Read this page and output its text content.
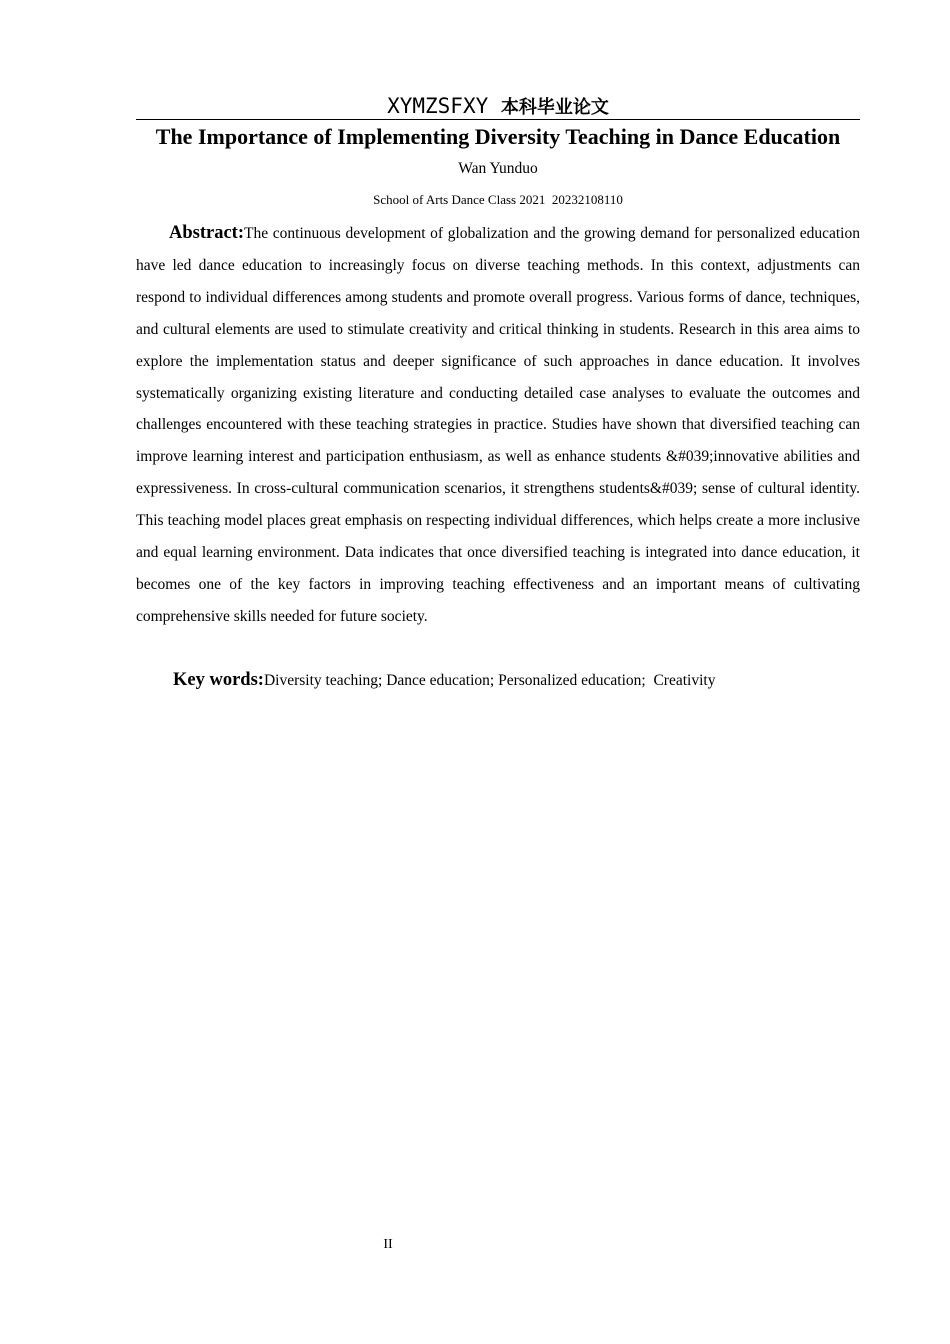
XYMZSFXY 本科毕业论文
The Importance of Implementing Diversity Teaching in Dance Education
Wan Yunduo
School of Arts Dance Class 2021  20232108110

Abstract:The continuous development of globalization and the growing demand for personalized education have led dance education to increasingly focus on diverse teaching methods. In this context, adjustments can respond to individual differences among students and promote overall progress. Various forms of dance, techniques, and cultural elements are used to stimulate creativity and critical thinking in students. Research in this area aims to explore the implementation status and deeper significance of such approaches in dance education. It involves systematically organizing existing literature and conducting detailed case analyses to evaluate the outcomes and challenges encountered with these teaching strategies in practice. Studies have shown that diversified teaching can improve learning interest and participation enthusiasm, as well as enhance students &#039;innovative abilities and expressiveness. In cross-cultural communication scenarios, it strengthens students&#039; sense of cultural identity. This teaching model places great emphasis on respecting individual differences, which helps create a more inclusive and equal learning environment. Data indicates that once diversified teaching is integrated into dance education, it becomes one of the key factors in improving teaching effectiveness and an important means of cultivating comprehensive skills needed for future society.

Key words:Diversity teaching; Dance education; Personalized education;  Creativity

II
